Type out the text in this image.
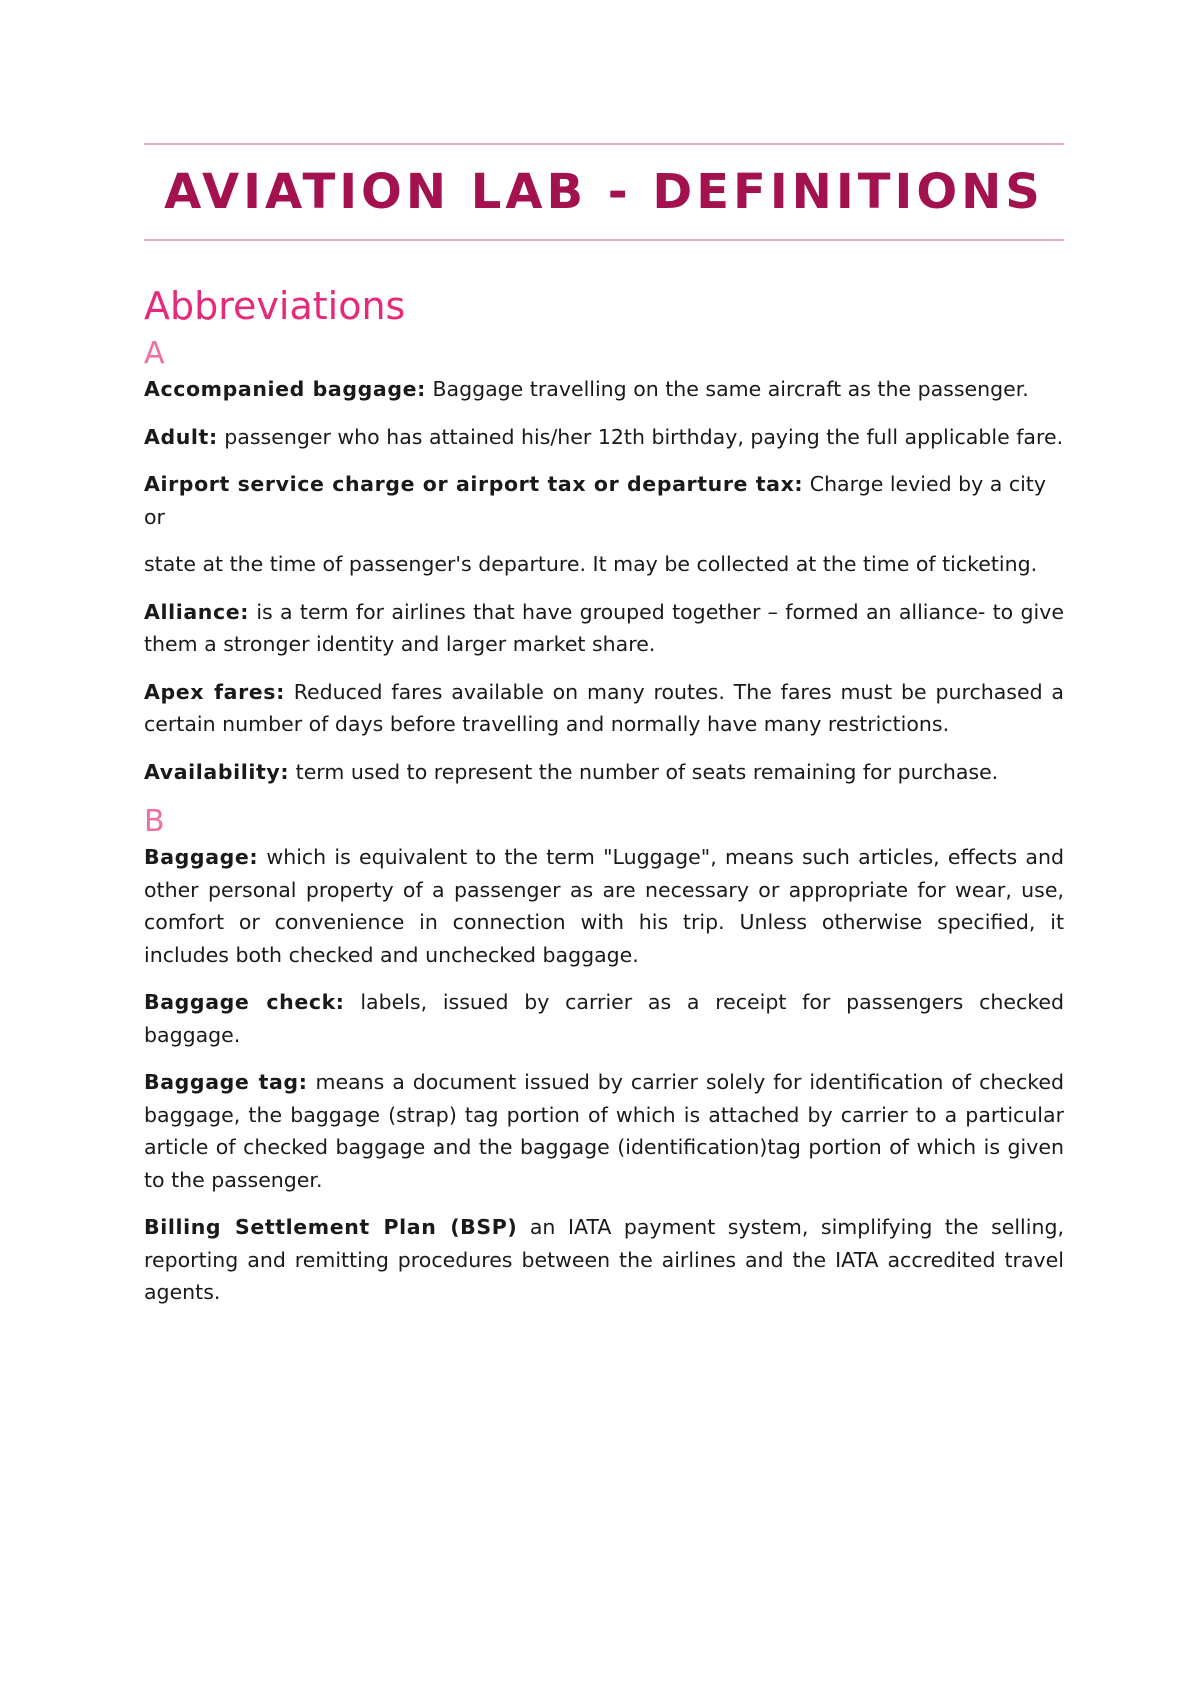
AVIATION LAB - DEFINITIONS
Abbreviations
A

Accompanied baggage: Baggage travelling on the same aircraft as the passenger.

Adult: passenger who has attained his/her 12th birthday, paying the full applicable fare.

Airport service charge or airport tax or departure tax: Charge levied by a city or

state at the time of passenger's departure. It may be collected at the time of ticketing.

Alliance: is a term for airlines that have grouped together – formed an alliance- to give them a stronger identity and larger market share.

Apex fares: Reduced fares available on many routes. The fares must be purchased a certain number of days before travelling and normally have many restrictions.

Availability: term used to represent the number of seats remaining for purchase.

B

Baggage: which is equivalent to the term "Luggage", means such articles, effects and other personal property of a passenger as are necessary or appropriate for wear, use, comfort or convenience in connection with his trip. Unless otherwise specified, it includes both checked and unchecked baggage.

Baggage check: labels, issued by carrier as a receipt for passengers checked baggage.

Baggage tag: means a document issued by carrier solely for identification of checked baggage, the baggage (strap) tag portion of which is attached by carrier to a particular article of checked baggage and the baggage (identification)tag portion of which is given to the passenger.

Billing Settlement Plan (BSP) an IATA payment system, simplifying the selling, reporting and remitting procedures between the airlines and the IATA accredited travel agents.
